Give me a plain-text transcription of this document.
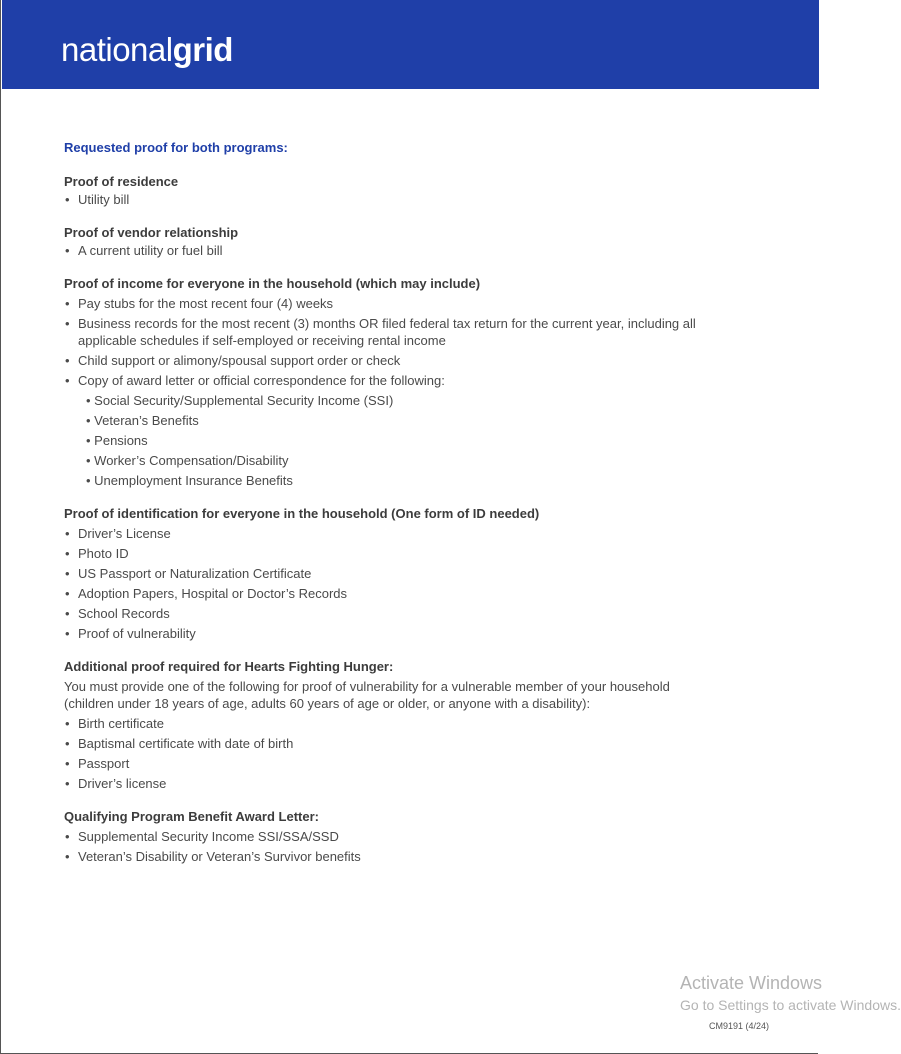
nationalgrid
Requested proof for both programs:
Proof of residence
• Utility bill
Proof of vendor relationship
• A current utility or fuel bill
Proof of income for everyone in the household (which may include)
• Pay stubs for the most recent four (4) weeks
• Business records for the most recent (3) months OR filed federal tax return for the current year, including all applicable schedules if self-employed or receiving rental income
• Child support or alimony/spousal support order or check
• Copy of award letter or official correspondence for the following:
• Social Security/Supplemental Security Income (SSI)
• Veteran’s Benefits
• Pensions
• Worker’s Compensation/Disability
• Unemployment Insurance Benefits
Proof of identification for everyone in the household (One form of ID needed)
• Driver’s License
• Photo ID
• US Passport or Naturalization Certificate
• Adoption Papers, Hospital or Doctor’s Records
• School Records
• Proof of vulnerability
Additional proof required for Hearts Fighting Hunger:

You must provide one of the following for proof of vulnerability for a vulnerable member of your household (children under 18 years of age, adults 60 years of age or older, or anyone with a disability):

• Birth certificate
• Baptismal certificate with date of birth
• Passport
• Driver’s license
Qualifying Program Benefit Award Letter:
• Supplemental Security Income SSI/SSA/SSD
• Veteran’s Disability or Veteran’s Survivor benefits
Activate Windows
Go to Settings to activate Windows.
CM9191 (4/24)
